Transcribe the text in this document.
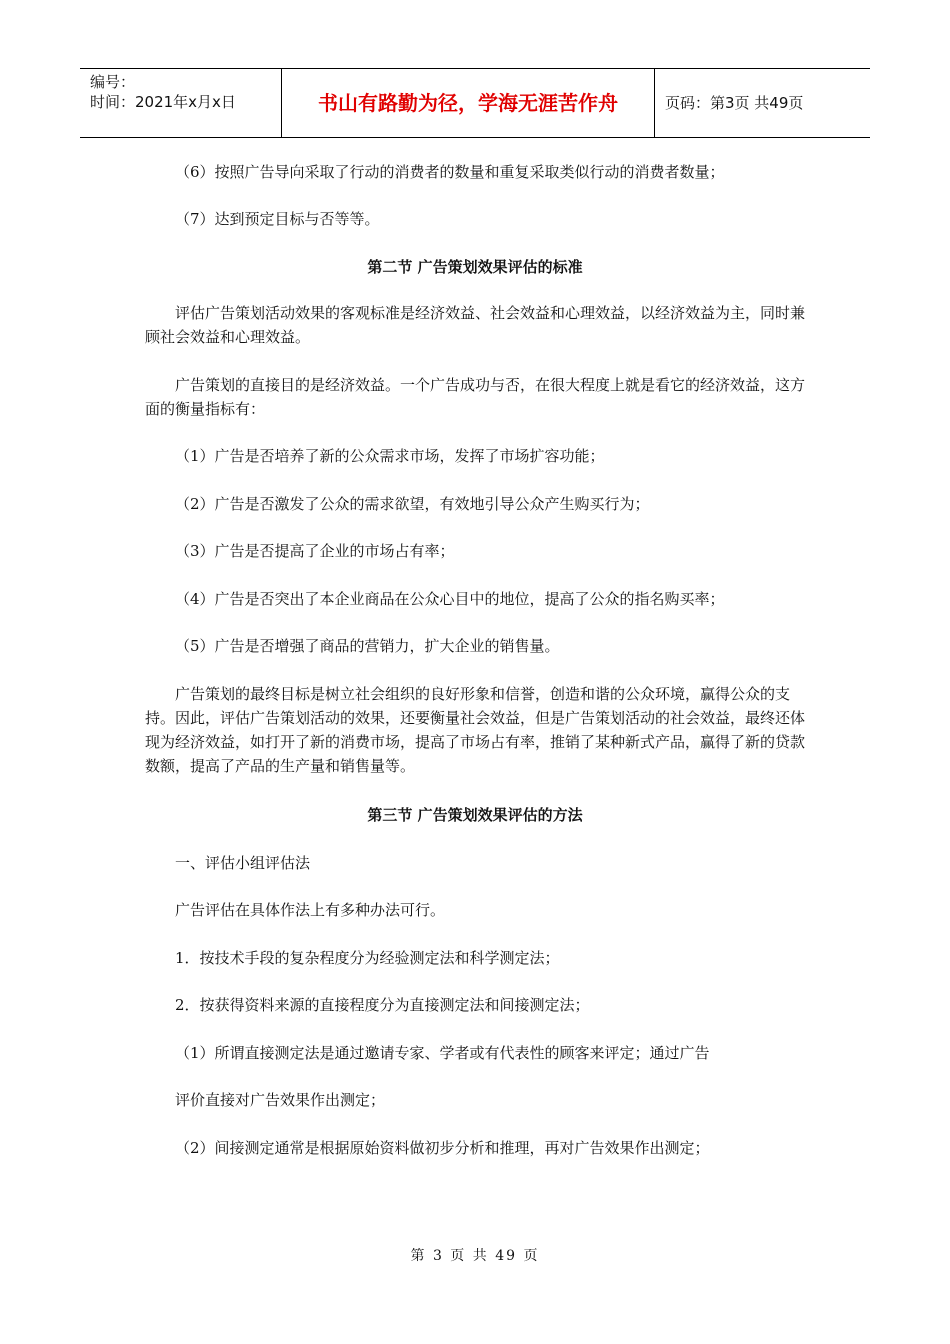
编号：
时间：2021年x月x日	书山有路勤为径，学海无涯苦作舟	页码：第3页 共49页
（6）按照广告导向采取了行动的消费者的数量和重复采取类似行动的消费者数量；
（7）达到预定目标与否等等。
第二节 广告策划效果评估的标准
评估广告策划活动效果的客观标准是经济效益、社会效益和心理效益，以经济效益为主，同时兼顾社会效益和心理效益。
广告策划的直接目的是经济效益。一个广告成功与否，在很大程度上就是看它的经济效益，这方面的衡量指标有：
（1）广告是否培养了新的公众需求市场，发挥了市场扩容功能；
（2）广告是否激发了公众的需求欲望，有效地引导公众产生购买行为；
（3）广告是否提高了企业的市场占有率；
（4）广告是否突出了本企业商品在公众心目中的地位，提高了公众的指名购买率；
（5）广告是否增强了商品的营销力，扩大企业的销售量。
广告策划的最终目标是树立社会组织的良好形象和信誉，创造和谐的公众环境，赢得公众的支持。因此，评估广告策划活动的效果，还要衡量社会效益，但是广告策划活动的社会效益，最终还体现为经济效益，如打开了新的消费市场，提高了市场占有率，推销了某种新式产品，赢得了新的贷款数额，提高了产品的生产量和销售量等。
第三节 广告策划效果评估的方法
一、评估小组评估法
广告评估在具体作法上有多种办法可行。
1．按技术手段的复杂程度分为经验测定法和科学测定法；
2．按获得资料来源的直接程度分为直接测定法和间接测定法；
（1）所谓直接测定法是通过邀请专家、学者或有代表性的顾客来评定；通过广告
评价直接对广告效果作出测定；
（2）间接测定通常是根据原始资料做初步分析和推理，再对广告效果作出测定；
第 3 页 共 49 页
